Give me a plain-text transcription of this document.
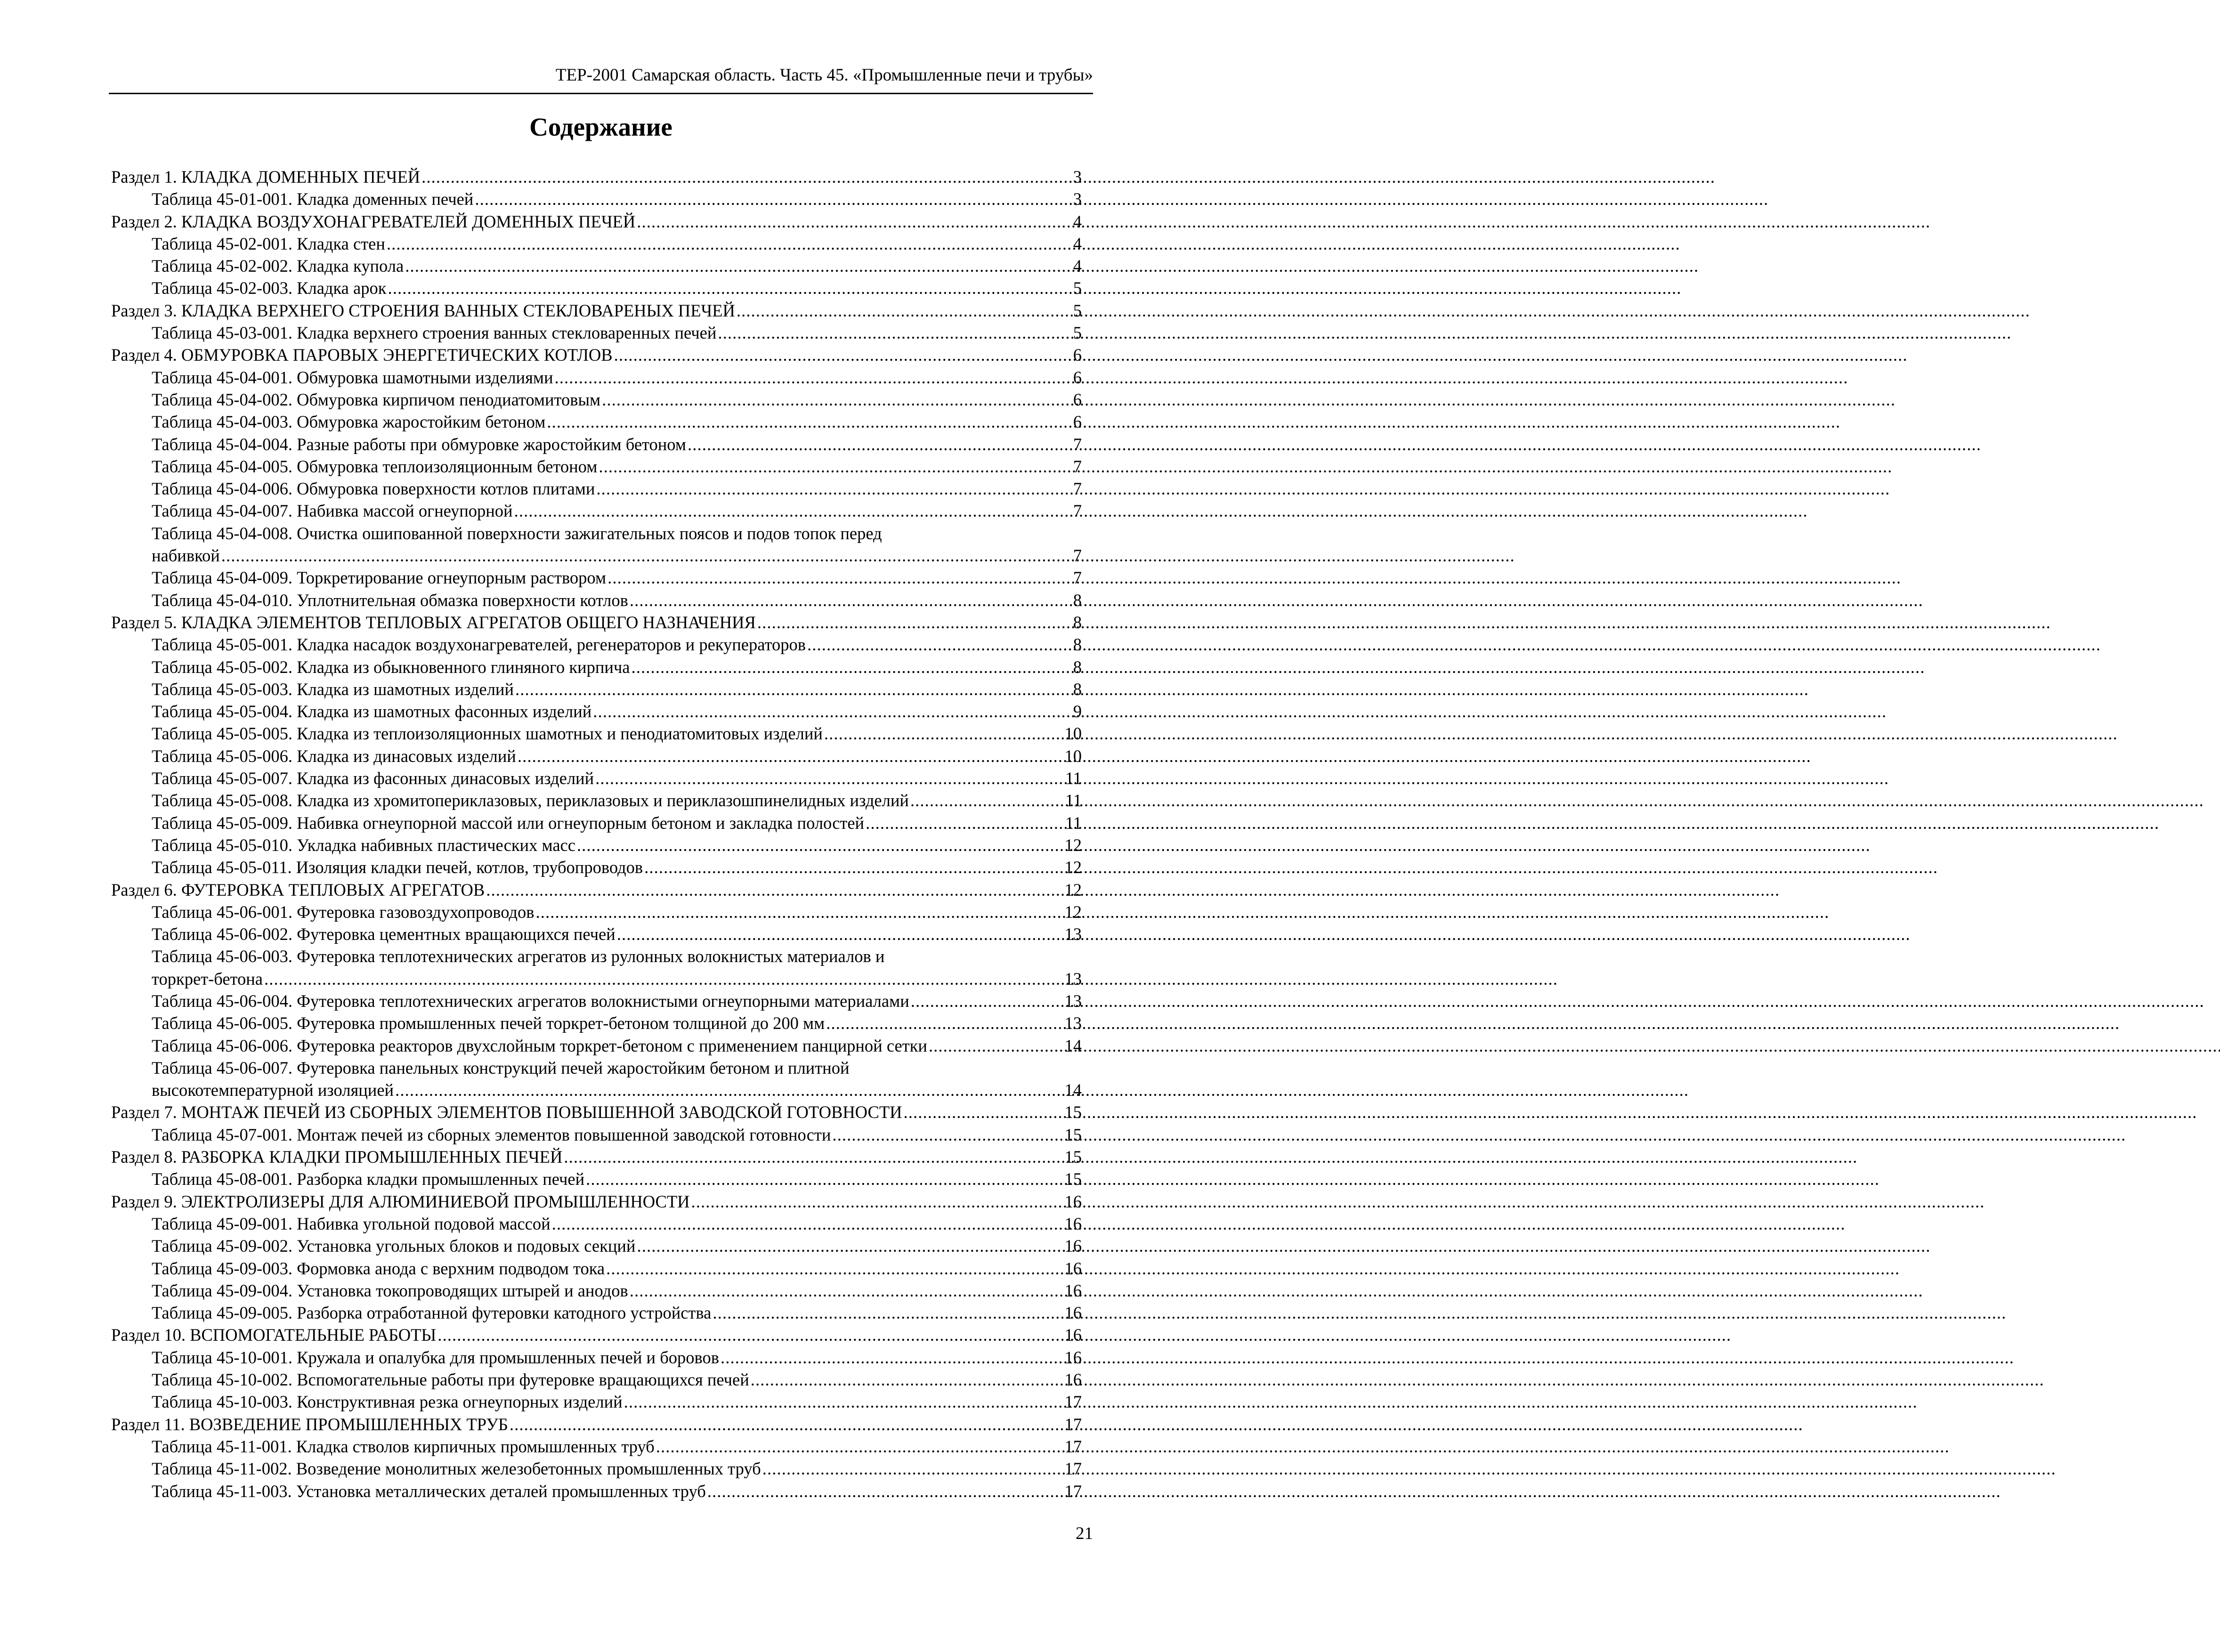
ТЕР-2001 Самарская область. Часть 45. «Промышленные печи и трубы»
Содержание
Раздел 1. КЛАДКА ДОМЕННЫХ ПЕЧЕЙ . . .	3
Таблица 45-01-001. Кладка доменных печей . . .	3
Раздел 2. КЛАДКА ВОЗДУХОНАГРЕВАТЕЛЕЙ ДОМЕННЫХ ПЕЧЕЙ . . .	4
Таблица 45-02-001. Кладка стен . . .	4
Таблица 45-02-002. Кладка купола . . .	4
Таблица 45-02-003. Кладка арок . . .	5
Раздел 3. КЛАДКА ВЕРХНЕГО СТРОЕНИЯ ВАННЫХ СТЕКЛОВАРЕНЫХ ПЕЧЕЙ . . .	5
Таблица 45-03-001. Кладка верхнего строения ванных стекловаренных печей . . .	5
Раздел 4. ОБМУРОВКА ПАРОВЫХ ЭНЕРГЕТИЧЕСКИХ КОТЛОВ . . .	6
Таблица 45-04-001. Обмуровка шамотными изделиями . . .	6
Таблица 45-04-002. Обмуровка кирпичом пенодиатомитовым . . .	6
Таблица 45-04-003. Обмуровка жаростойким бетоном . . .	6
Таблица 45-04-004. Разные работы при обмуровке жаростойким бетоном . . .	7
Таблица 45-04-005. Обмуровка теплоизоляционным бетоном . . .	7
Таблица 45-04-006. Обмуровка поверхности котлов плитами . . .	7
Таблица 45-04-007. Набивка массой огнеупорной . . .	7
Таблица 45-04-008. Очистка ошипованной поверхности зажигательных поясов и подов топок перед
набивкой . . .	7
Таблица 45-04-009. Торкретирование огнеупорным раствором . . .	7
Таблица 45-04-010. Уплотнительная обмазка поверхности котлов . . .	8
Раздел 5. КЛАДКА ЭЛЕМЕНТОВ ТЕПЛОВЫХ АГРЕГАТОВ ОБЩЕГО НАЗНАЧЕНИЯ . . .	8
Таблица 45-05-001. Кладка насадок воздухонагревателей, регенераторов и рекуператоров . . .	8
Таблица 45-05-002. Кладка из обыкновенного глиняного кирпича . . .	8
Таблица 45-05-003. Кладка из шамотных изделий . . .	8
Таблица 45-05-004. Кладка из шамотных фасонных изделий . . .	9
Таблица 45-05-005. Кладка из теплоизоляционных шамотных и пенодиатомитовых изделий . . .	10
Таблица 45-05-006. Кладка из динасовых изделий . . .	10
Таблица 45-05-007. Кладка из фасонных динасовых изделий . . .	11
Таблица 45-05-008. Кладка из хромитопериклазовых, периклазовых и периклазошпинелидных изделий . . .	11
Таблица 45-05-009. Набивка огнеупорной массой или огнеупорным бетоном и закладка полостей . . .	11
Таблица 45-05-010. Укладка набивных пластических масс . . .	12
Таблица 45-05-011. Изоляция кладки печей, котлов, трубопроводов . . .	12
Раздел 6. ФУТЕРОВКА ТЕПЛОВЫХ АГРЕГАТОВ . . .	12
Таблица 45-06-001. Футеровка газовоздухопроводов . . .	12
Таблица 45-06-002. Футеровка цементных вращающихся печей . . .	13
Таблица 45-06-003. Футеровка теплотехнических агрегатов из рулонных волокнистых материалов и
торкрет-бетона . . .	13
Таблица 45-06-004. Футеровка теплотехнических агрегатов волокнистыми огнеупорными материалами . . .	13
Таблица 45-06-005. Футеровка промышленных печей торкрет-бетоном толщиной до 200 мм . . .	13
Таблица 45-06-006. Футеровка реакторов двухслойным торкрет-бетоном с применением панцирной сетки . . .	14
Таблица 45-06-007. Футеровка панельных конструкций печей жаростойким бетоном и плитной
высокотемпературной изоляцией . . .	14
Раздел 7. МОНТАЖ ПЕЧЕЙ ИЗ СБОРНЫХ ЭЛЕМЕНТОВ ПОВЫШЕННОЙ ЗАВОДСКОЙ ГОТОВНОСТИ . . .	15
Таблица 45-07-001. Монтаж печей из сборных элементов повышенной заводской готовности . . .	15
Раздел 8. РАЗБОРКА КЛАДКИ ПРОМЫШЛЕННЫХ ПЕЧЕЙ . . .	15
Таблица 45-08-001. Разборка кладки промышленных печей . . .	15
Раздел 9. ЭЛЕКТРОЛИЗЕРЫ ДЛЯ АЛЮМИНИЕВОЙ ПРОМЫШЛЕННОСТИ . . .	16
Таблица 45-09-001. Набивка угольной подовой массой . . .	16
Таблица 45-09-002. Установка угольных блоков и подовых секций . . .	16
Таблица 45-09-003. Формовка анода с верхним подводом тока . . .	16
Таблица 45-09-004. Установка токопроводящих штырей и анодов . . .	16
Таблица 45-09-005. Разборка отработанной футеровки катодного устройства . . .	16
Раздел 10. ВСПОМОГАТЕЛЬНЫЕ РАБОТЫ . . .	16
Таблица 45-10-001. Кружала и опалубка для промышленных печей и боровов . . .	16
Таблица 45-10-002. Вспомогательные работы при футеровке вращающихся печей . . .	16
Таблица 45-10-003. Конструктивная резка огнеупорных изделий . . .	17
Раздел 11. ВОЗВЕДЕНИЕ ПРОМЫШЛЕННЫХ ТРУБ . . .	17
Таблица 45-11-001. Кладка стволов кирпичных промышленных труб . . .	17
Таблица 45-11-002. Возведение монолитных железобетонных промышленных труб . . .	17
Таблица 45-11-003. Установка металлических деталей промышленных труб . . .	17
21
